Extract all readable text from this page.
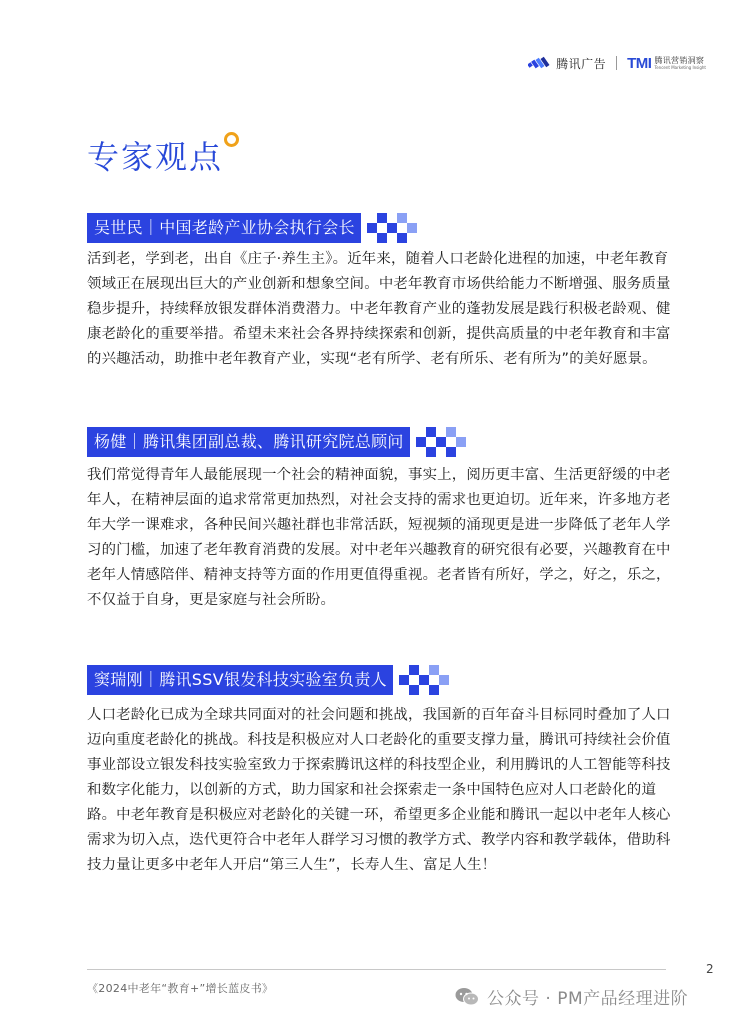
腾讯广告 TMI 腾讯营销洞察
Tencent Marketing Insight
专家观点
吴世民｜中国老龄产业协会执行会长

活到老，学到老，出自《庄子·养生主》。近年来，随着人口老龄化进程的加速，中老年教育领域正在展现出巨大的产业创新和想象空间。中老年教育市场供给能力不断增强、服务质量稳步提升，持续释放银发群体消费潜力。中老年教育产业的蓬勃发展是践行积极老龄观、健康老龄化的重要举措。希望未来社会各界持续探索和创新，提供高质量的中老年教育和丰富的兴趣活动，助推中老年教育产业，实现“老有所学、老有所乐、老有所为”的美好愿景。

杨健｜腾讯集团副总裁、腾讯研究院总顾问

我们常觉得青年人最能展现一个社会的精神面貌，事实上，阅历更丰富、生活更舒缓的中老年人，在精神层面的追求常常更加热烈，对社会支持的需求也更迫切。近年来，许多地方老年大学一课难求，各种民间兴趣社群也非常活跃，短视频的涌现更是进一步降低了老年人学习的门槛，加速了老年教育消费的发展。对中老年兴趣教育的研究很有必要，兴趣教育在中老年人情感陪伴、精神支持等方面的作用更值得重视。老者皆有所好，学之，好之，乐之，不仅益于自身，更是家庭与社会所盼。

窦瑞刚｜腾讯SSV银发科技实验室负责人

人口老龄化已成为全球共同面对的社会问题和挑战，我国新的百年奋斗目标同时叠加了人口迈向重度老龄化的挑战。科技是积极应对人口老龄化的重要支撑力量，腾讯可持续社会价值事业部设立银发科技实验室致力于探索腾讯这样的科技型企业，利用腾讯的人工智能等科技和数字化能力，以创新的方式，助力国家和社会探索走一条中国特色应对人口老龄化的道路。中老年教育是积极应对老龄化的关键一环，希望更多企业能和腾讯一起以中老年人核心需求为切入点，迭代更符合中老年人群学习习惯的教学方式、教学内容和教学载体，借助科技力量让更多中老年人开启“第三人生”，长寿人生、富足人生！

2
《2024中老年“教育+”增长蓝皮书》
公众号 · PM产品经理进阶
